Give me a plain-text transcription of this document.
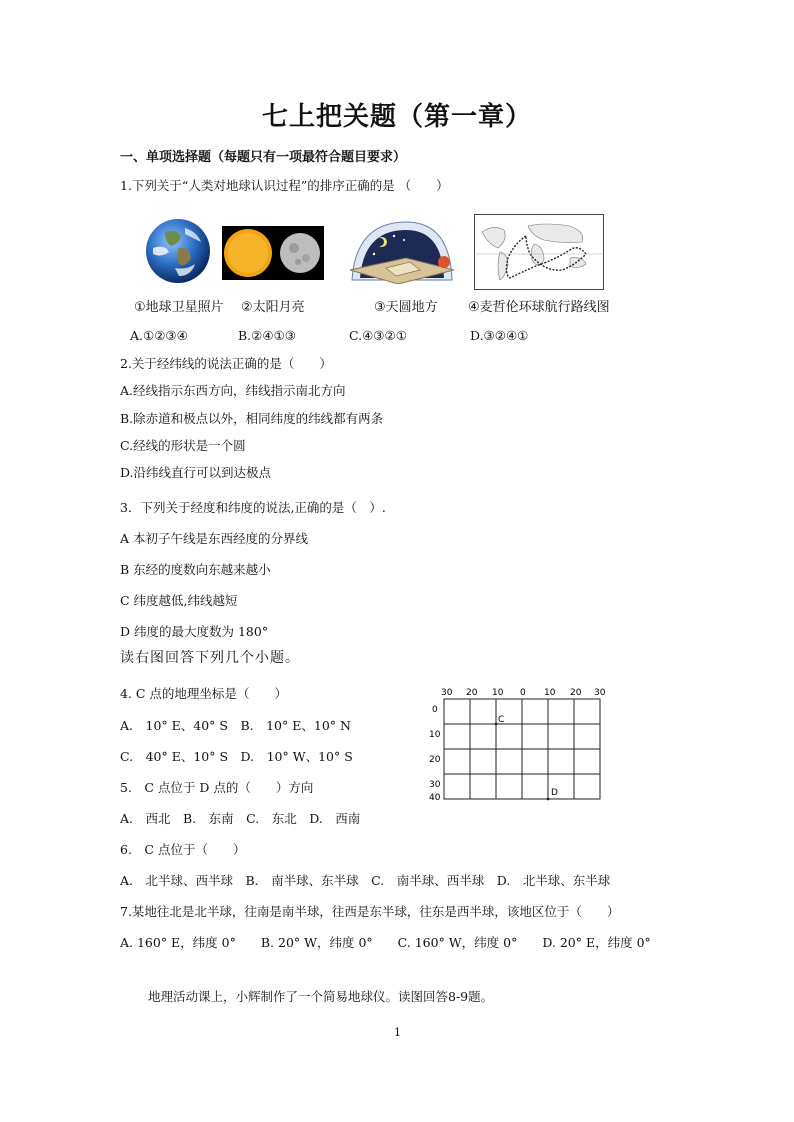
七上把关题（第一章）
一、单项选择题（每题只有一项最符合题目要求）
1.下列关于“人类对地球认识过程”的排序正确的是 （　　）
①地球卫星照片 ②太阳月亮	③天圆地方 ④麦哲伦环球航行路线图
A.①②③④	B.②④①③	C.④③②①	D.③②④①
2.关于经纬线的说法正确的是（　　）
A.经线指示东西方向，纬线指示南北方向
B.除赤道和极点以外，相同纬度的纬线都有两条
C.经线的形状是一个圆
D.沿纬线直行可以到达极点
3．下列关于经度和纬度的说法,正确的是（　）.
A 本初子午线是东西经度的分界线
B 东经的度数向东越来越小
C 纬度越低,纬线越短
D 纬度的最大度数为 180°
读右图回答下列几个小题。
4. C 点的地理坐标是（　　）
A.　10° E、40° S　B.　10° E、10° N
C.　40° E、10° S　D.　10° W、10° S
5.　C 点位于 D 点的（　　）方向
A.　西北　B.　东南　C.　东北　D.　西南
6.　C 点位于（　　）
A.　北半球、西半球　B.　南半球、东半球　C.　南半球、西半球　D.　北半球、东半球
7.某地往北是北半球，往南是南半球，往西是东半球，往东是西半球，该地区位于（　　）
A. 160° E，纬度 0°　　B. 20° W，纬度 0°　　C. 160° W，纬度 0°　　D. 20° E，纬度 0°
地理活动课上，小辉制作了一个简易地球仪。读图回答8-9题。
1
30 20 10 0 10 20 30
0
10
20
30
40
C
D
